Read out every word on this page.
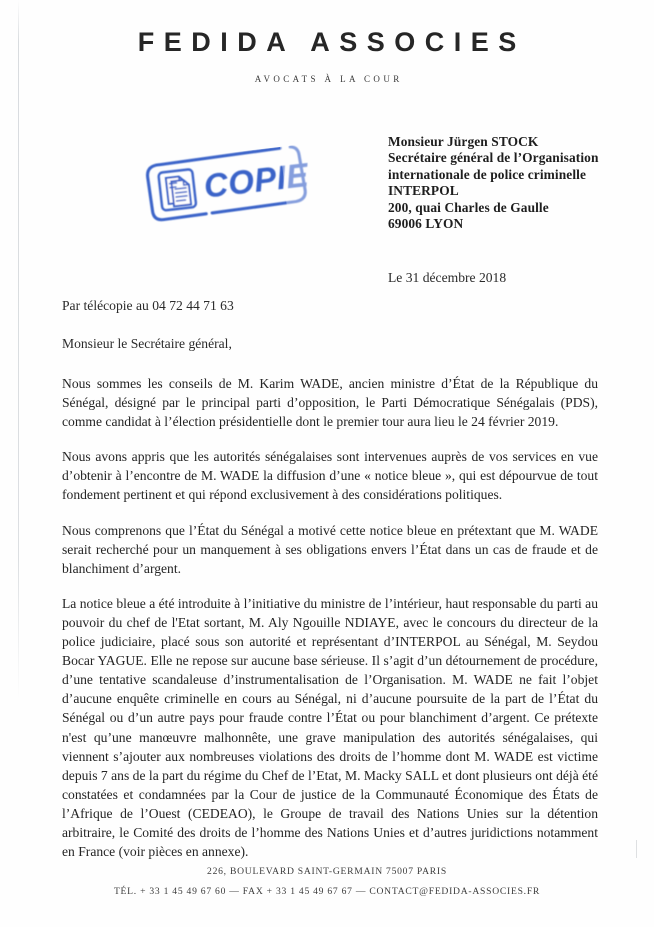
FEDIDA ASSOCIES
AVOCATS À LA COUR
Monsieur Jürgen STOCK
Secrétaire général de l’Organisation
internationale de police criminelle
INTERPOL
200, quai Charles de Gaulle
69006 LYON
COPIE
Le 31 décembre 2018
Par télécopie au 04 72 44 71 63
Monsieur le Secrétaire général,

Nous sommes les conseils de M. Karim WADE, ancien ministre d’État de la République du Sénégal, désigné par le principal parti d’opposition, le Parti Démocratique Sénégalais (PDS), comme candidat à l’élection présidentielle dont le premier tour aura lieu le 24 février 2019.

Nous avons appris que les autorités sénégalaises sont intervenues auprès de vos services en vue d’obtenir à l’encontre de M. WADE la diffusion d’une « notice bleue », qui est dépourvue de tout fondement pertinent et qui répond exclusivement à des considérations politiques.

Nous comprenons que l’État du Sénégal a motivé cette notice bleue en prétextant que M. WADE serait recherché pour un manquement à ses obligations envers l’État dans un cas de fraude et de blanchiment d’argent.

La notice bleue a été introduite à l’initiative du ministre de l’intérieur, haut responsable du parti au pouvoir du chef de l'Etat sortant, M. Aly Ngouille NDIAYE, avec le concours du directeur de la police judiciaire, placé sous son autorité et représentant d’INTERPOL au Sénégal, M. Seydou Bocar YAGUE. Elle ne repose sur aucune base sérieuse. Il s’agit d’un détournement de procédure, d’une tentative scandaleuse d’instrumentalisation de l’Organisation. M. WADE ne fait l’objet d’aucune enquête criminelle en cours au Sénégal, ni d’aucune poursuite de la part de l’État du Sénégal ou d’un autre pays pour fraude contre l’État ou pour blanchiment d’argent. Ce prétexte n'est qu’une manœuvre malhonnête, une grave manipulation des autorités sénégalaises, qui viennent s’ajouter aux nombreuses violations des droits de l’homme dont M. WADE est victime depuis 7 ans de la part du régime du Chef de l’Etat, M. Macky SALL et dont plusieurs ont déjà été constatées et condamnées par la Cour de justice de la Communauté Économique des États de l’Afrique de l’Ouest (CEDEAO), le Groupe de travail des Nations Unies sur la détention arbitraire, le Comité des droits de l’homme des Nations Unies et d’autres juridictions notamment en France (voir pièces en annexe).

226, BOULEVARD SAINT-GERMAIN 75007 PARIS
TÉL. + 33 1 45 49 67 60 — FAX + 33 1 45 49 67 67 — CONTACT@FEDIDA-ASSOCIES.FR
